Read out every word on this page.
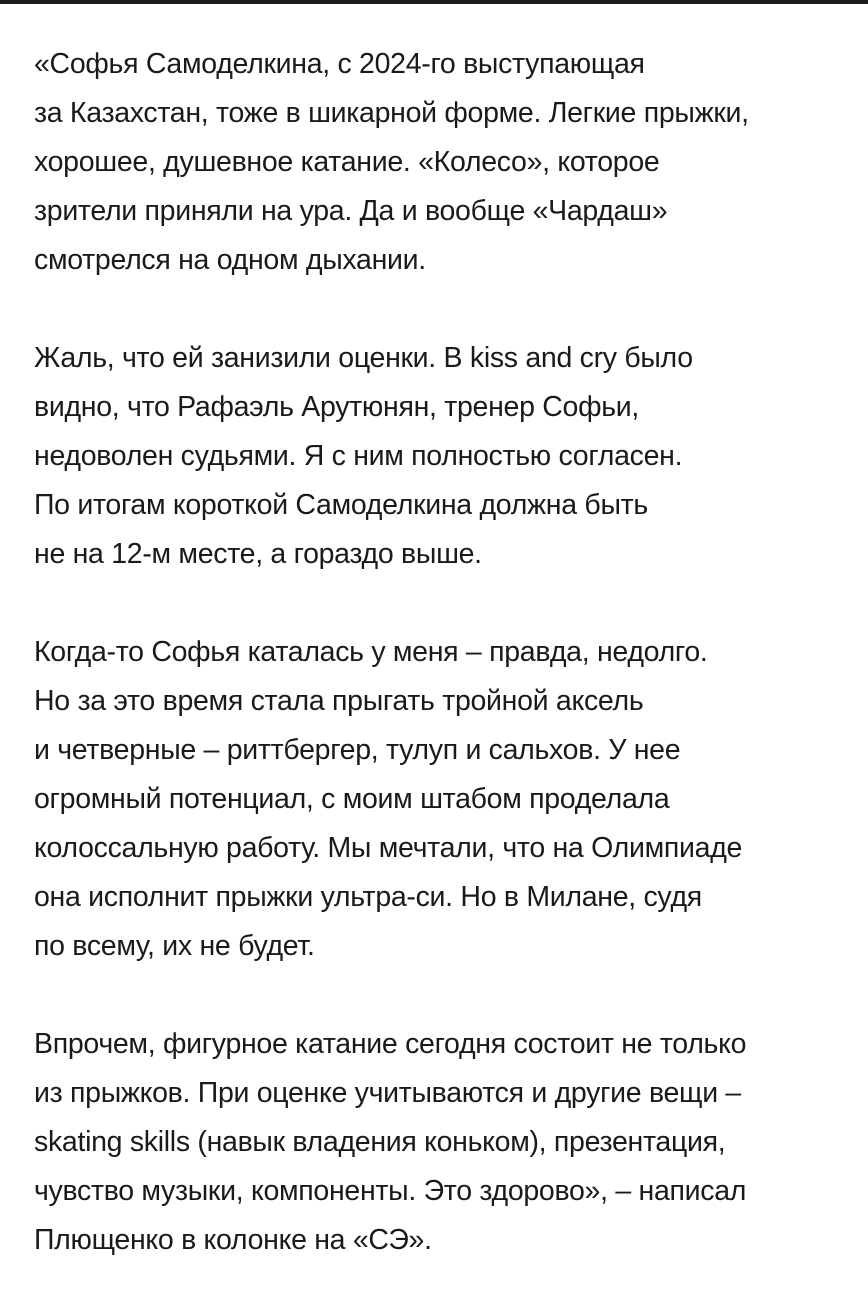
«Софья Самоделкина, с 2024-го выступающая
за Казахстан, тоже в шикарной форме. Легкие прыжки,
хорошее, душевное катание. «Колесо», которое
зрители приняли на ура. Да и вообще «Чардаш»
смотрелся на одном дыхании.

Жаль, что ей занизили оценки. В kiss and cry было
видно, что Рафаэль Арутюнян, тренер Софьи,
недоволен судьями. Я с ним полностью согласен.
По итогам короткой Самоделкина должна быть
не на 12-м месте, а гораздо выше.

Когда-то Софья каталась у меня – правда, недолго.
Но за это время стала прыгать тройной аксель
и четверные – риттбергер, тулуп и сальхов. У нее
огромный потенциал, с моим штабом проделала
колоссальную работу. Мы мечтали, что на Олимпиаде
она исполнит прыжки ультра-си. Но в Милане, судя
по всему, их не будет.

Впрочем, фигурное катание сегодня состоит не только
из прыжков. При оценке учитываются и другие вещи –
skating skills (навык владения коньком), презентация,
чувство музыки, компоненты. Это здорово», – написал
Плющенко в колонке на «СЭ».
